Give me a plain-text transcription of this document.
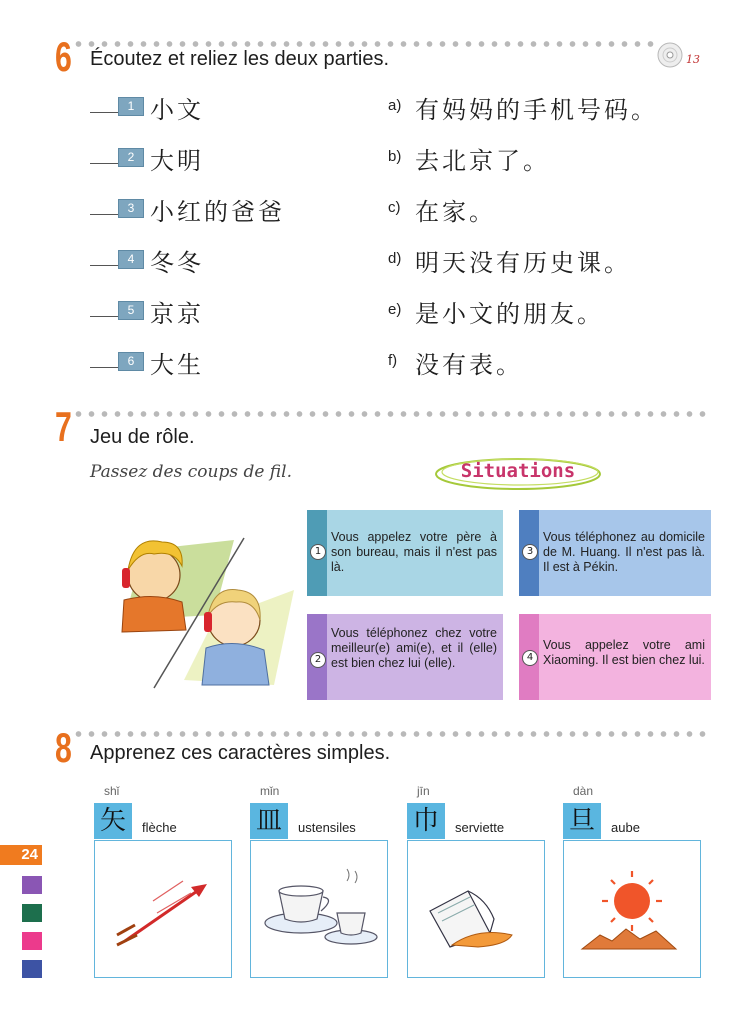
6 Écoutez et reliez les deux parties.	13
1 小文	a) 有妈妈的手机号码。
2 大明	b) 去北京了。
3 小红的爸爸	c) 在家。
4 冬冬	d) 明天没有历史课。
5 京京	e) 是小文的朋友。
6 大生	f) 没有表。
7 Jeu de rôle.
Passez des coups de fil.	Situations
1
Vous appelez votre père à son bureau, mais il n'est pas là.
3
Vous téléphonez au domicile de M. Huang. Il n'est pas là. Il est à Pékin.
2
Vous téléphonez chez votre meilleur(e) ami(e), et il (elle) est bien chez lui (elle).	4
Vous appelez votre ami Xiaoming. Il est bien chez lui.
8 Apprenez ces caractères simples.
shǐ
矢	flèche
mǐn
皿	ustensiles
jīn
巾	serviette
dàn
旦	aube
24
